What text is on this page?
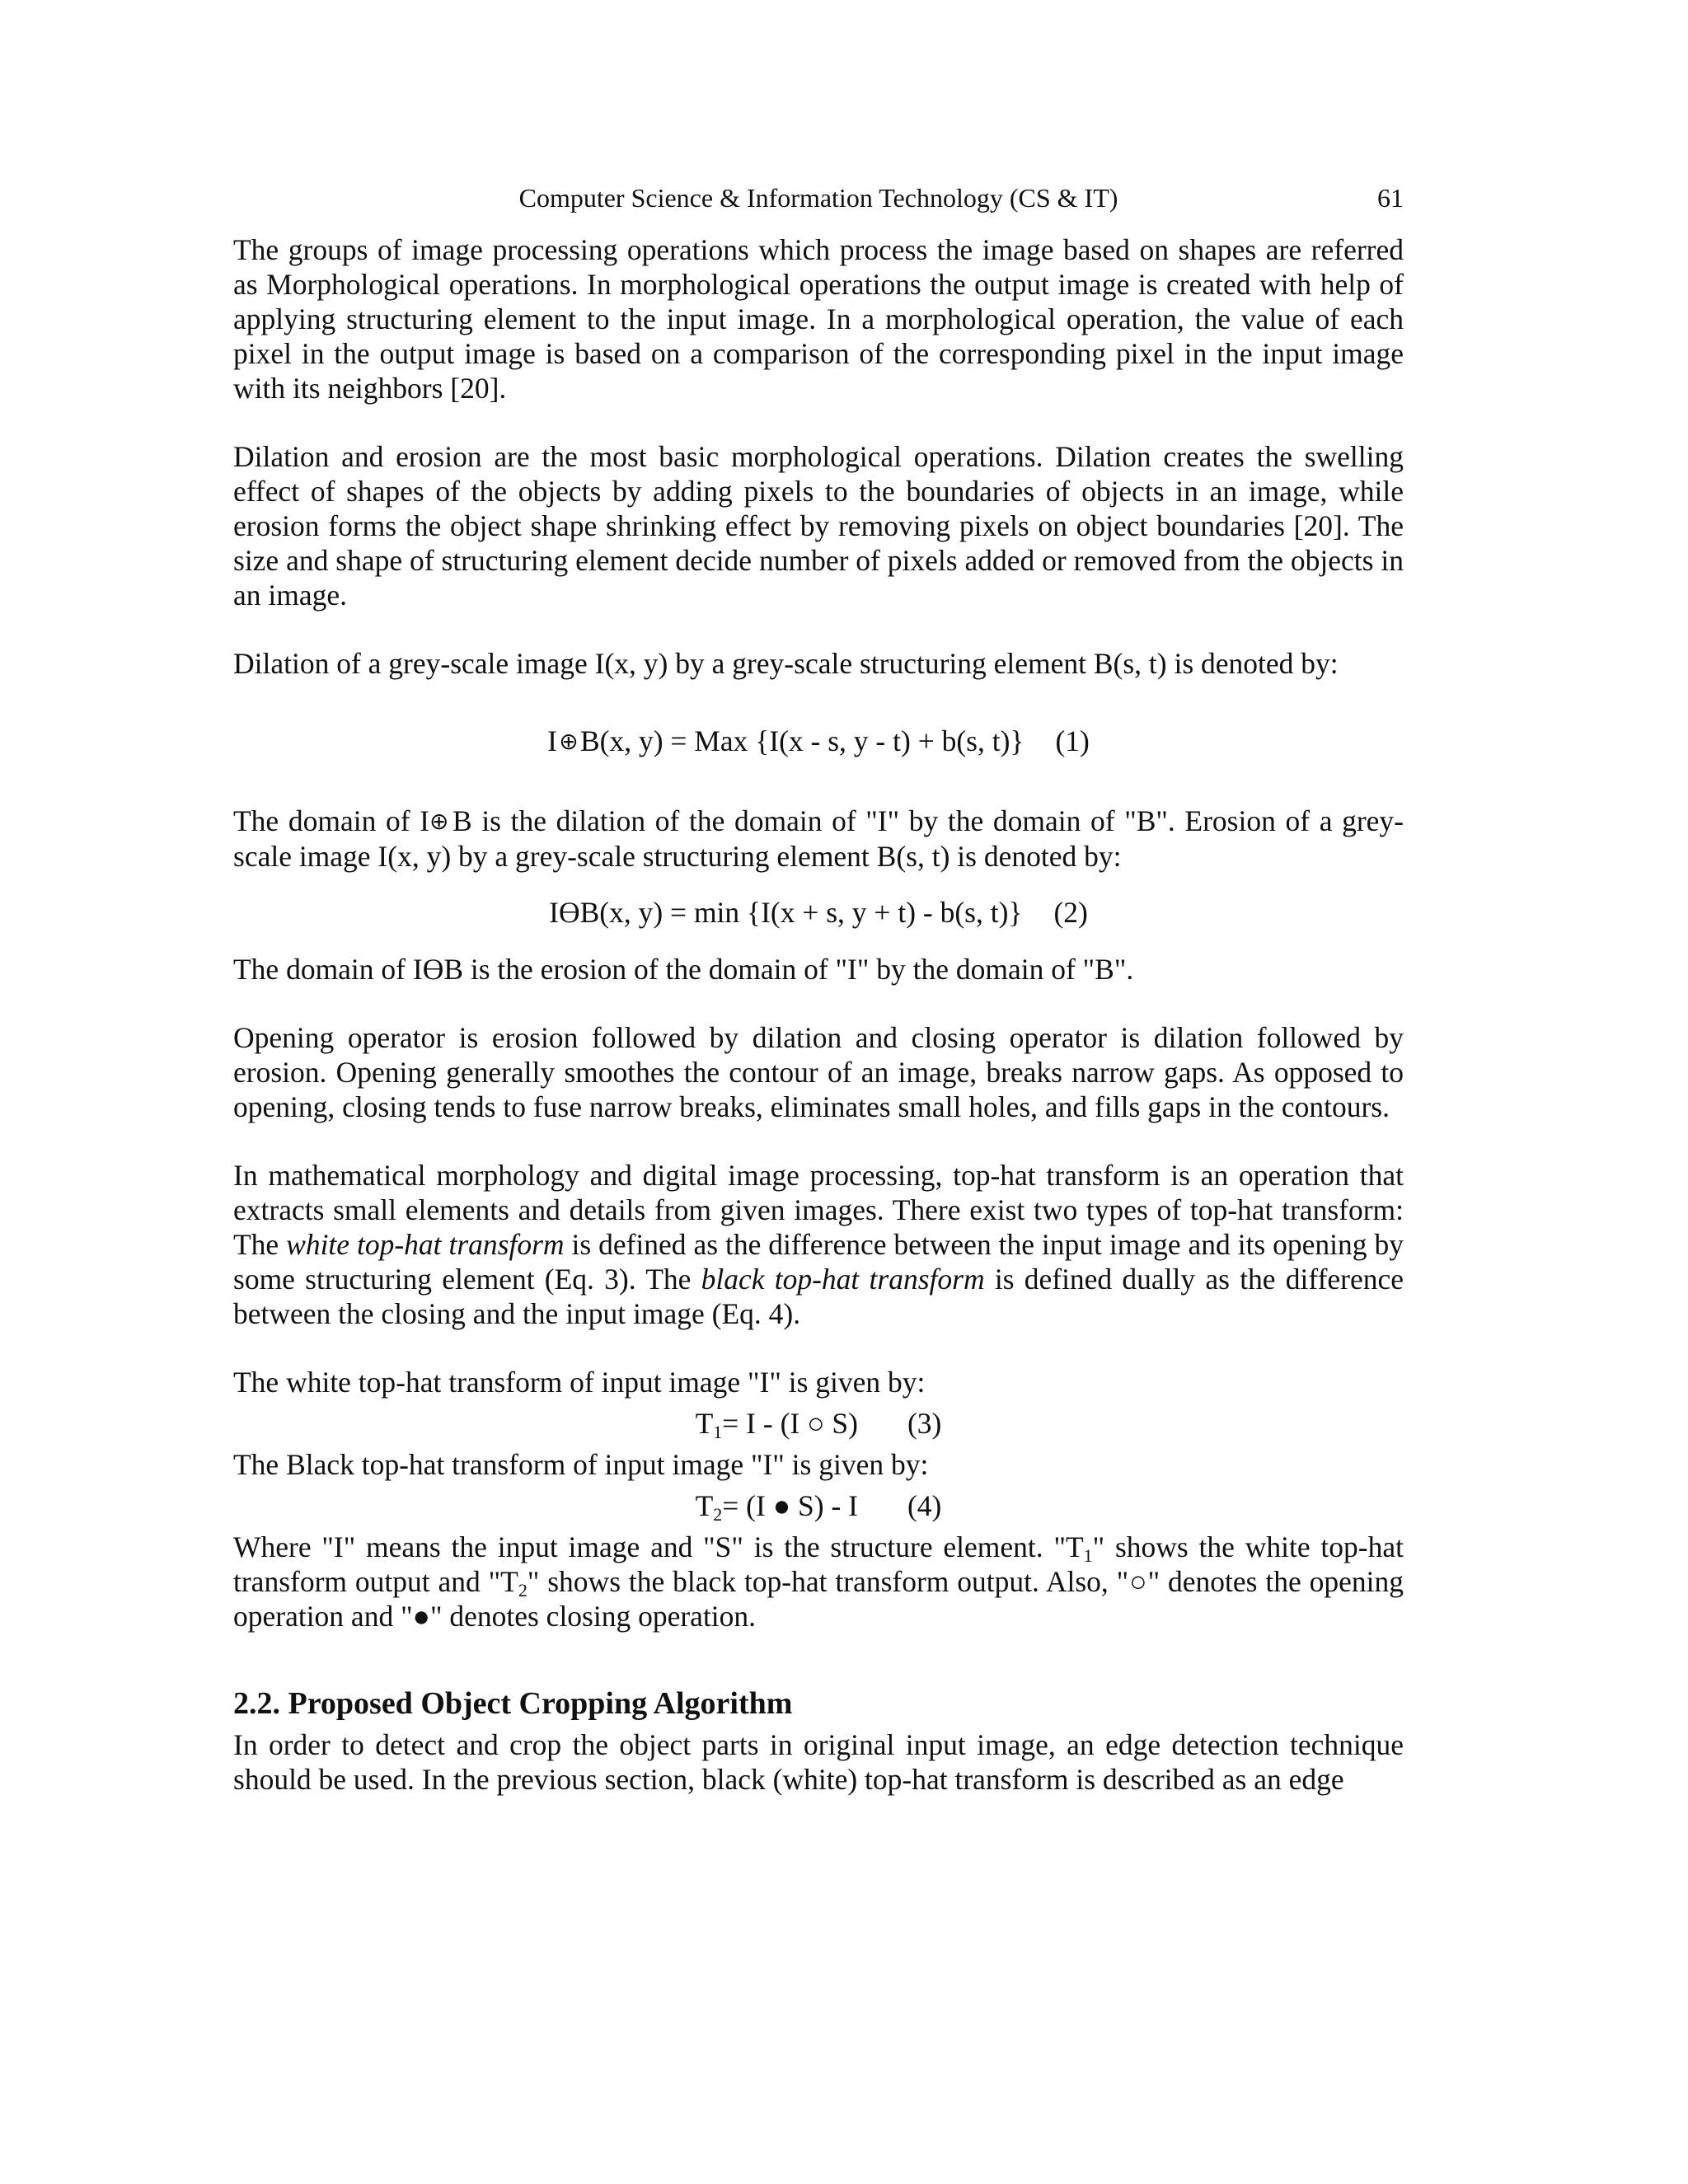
Computer Science & Information Technology (CS & IT)	61

The groups of image processing operations which process the image based on shapes are referred as Morphological operations. In morphological operations the output image is created with help of applying structuring element to the input image. In a morphological operation, the value of each pixel in the output image is based on a comparison of the corresponding pixel in the input image with its neighbors [20].

Dilation and erosion are the most basic morphological operations. Dilation creates the swelling effect of shapes of the objects by adding pixels to the boundaries of objects in an image, while erosion forms the object shape shrinking effect by removing pixels on object boundaries [20]. The size and shape of structuring element decide number of pixels added or removed from the objects in an image.

Dilation of a grey-scale image I(x, y) by a grey-scale structuring element B(s, t) is denoted by:

I⊕B(x, y) = Max {I(x - s, y - t) + b(s, t)} (1)

The domain of I⊕ B is the dilation of the domain of "I" by the domain of "B". Erosion of a grey-scale image I(x, y) by a grey-scale structuring element B(s, t) is denoted by:

IϴB(x, y) = min {I(x + s, y + t) - b(s, t)} (2)

The domain of IϴB is the erosion of the domain of "I" by the domain of "B".

Opening operator is erosion followed by dilation and closing operator is dilation followed by erosion. Opening generally smoothes the contour of an image, breaks narrow gaps. As opposed to opening, closing tends to fuse narrow breaks, eliminates small holes, and fills gaps in the contours.

In mathematical morphology and digital image processing, top-hat transform is an operation that extracts small elements and details from given images. There exist two types of top-hat transform: The white top-hat transform is defined as the difference between the input image and its opening by some structuring element (Eq. 3). The black top-hat transform is defined dually as the difference between the closing and the input image (Eq. 4).

The white top-hat transform of input image "I" is given by:

$T_1= I - (I$ ○ S) (3)

The Black top-hat transform of input image "I" is given by:

$T_2= (I$ ● S) - I (4)

Where "I" means the input image and "S" is the structure element. "$T_1$" shows the white top-hat transform output and "$T_2$" shows the black top-hat transform output. Also, "○" denotes the opening operation and "●" denotes closing operation.

2.2. Proposed Object Cropping Algorithm

In order to detect and crop the object parts in original input image, an edge detection technique should be used. In the previous section, black (white) top-hat transform is described as an edge
